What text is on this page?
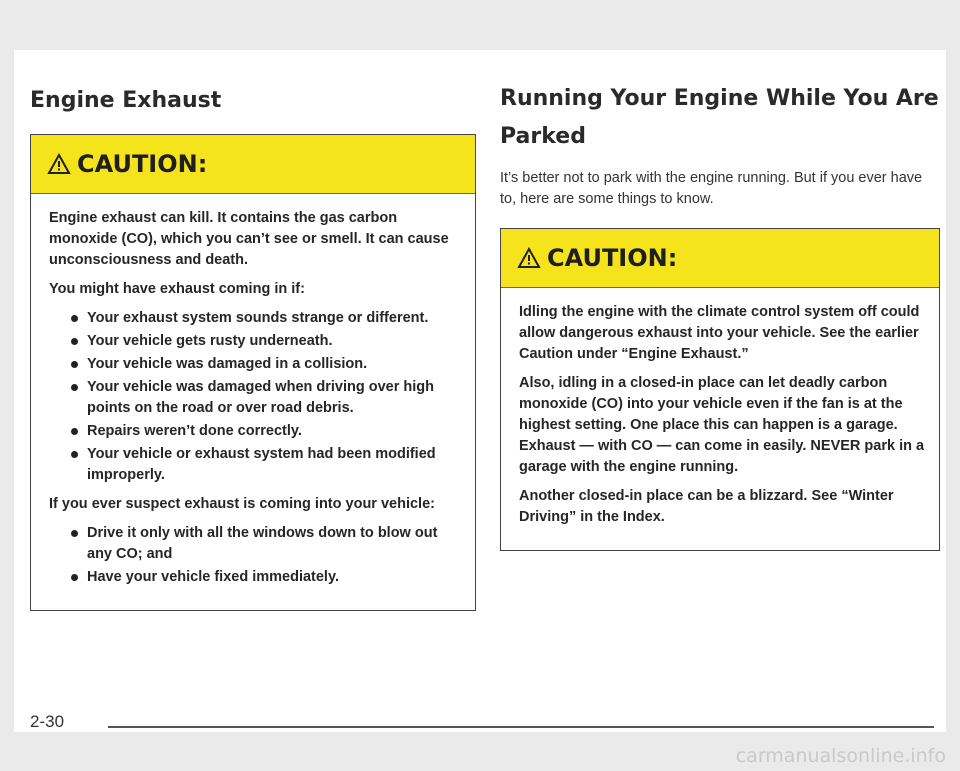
Engine Exhaust
CAUTION:

Engine exhaust can kill. It contains the gas carbon monoxide (CO), which you can’t see or smell. It can cause unconsciousness and death.

You might have exhaust coming in if:

Your exhaust system sounds strange or different.
Your vehicle gets rusty underneath.
Your vehicle was damaged in a collision.
Your vehicle was damaged when driving over high points on the road or over road debris.
Repairs weren’t done correctly.
Your vehicle or exhaust system had been modified improperly.

If you ever suspect exhaust is coming into your vehicle:

Drive it only with all the windows down to blow out any CO; and
Have your vehicle fixed immediately.
Running Your Engine While You Are Parked

It’s better not to park with the engine running. But if you ever have to, here are some things to know.

CAUTION:

Idling the engine with the climate control system off could allow dangerous exhaust into your vehicle. See the earlier Caution under “Engine Exhaust.”

Also, idling in a closed-in place can let deadly carbon monoxide (CO) into your vehicle even if the fan is at the highest setting. One place this can happen is a garage. Exhaust — with CO — can come in easily. NEVER park in a garage with the engine running.

Another closed-in place can be a blizzard. See “Winter Driving” in the Index.

2-30
carmanualsonline.info
